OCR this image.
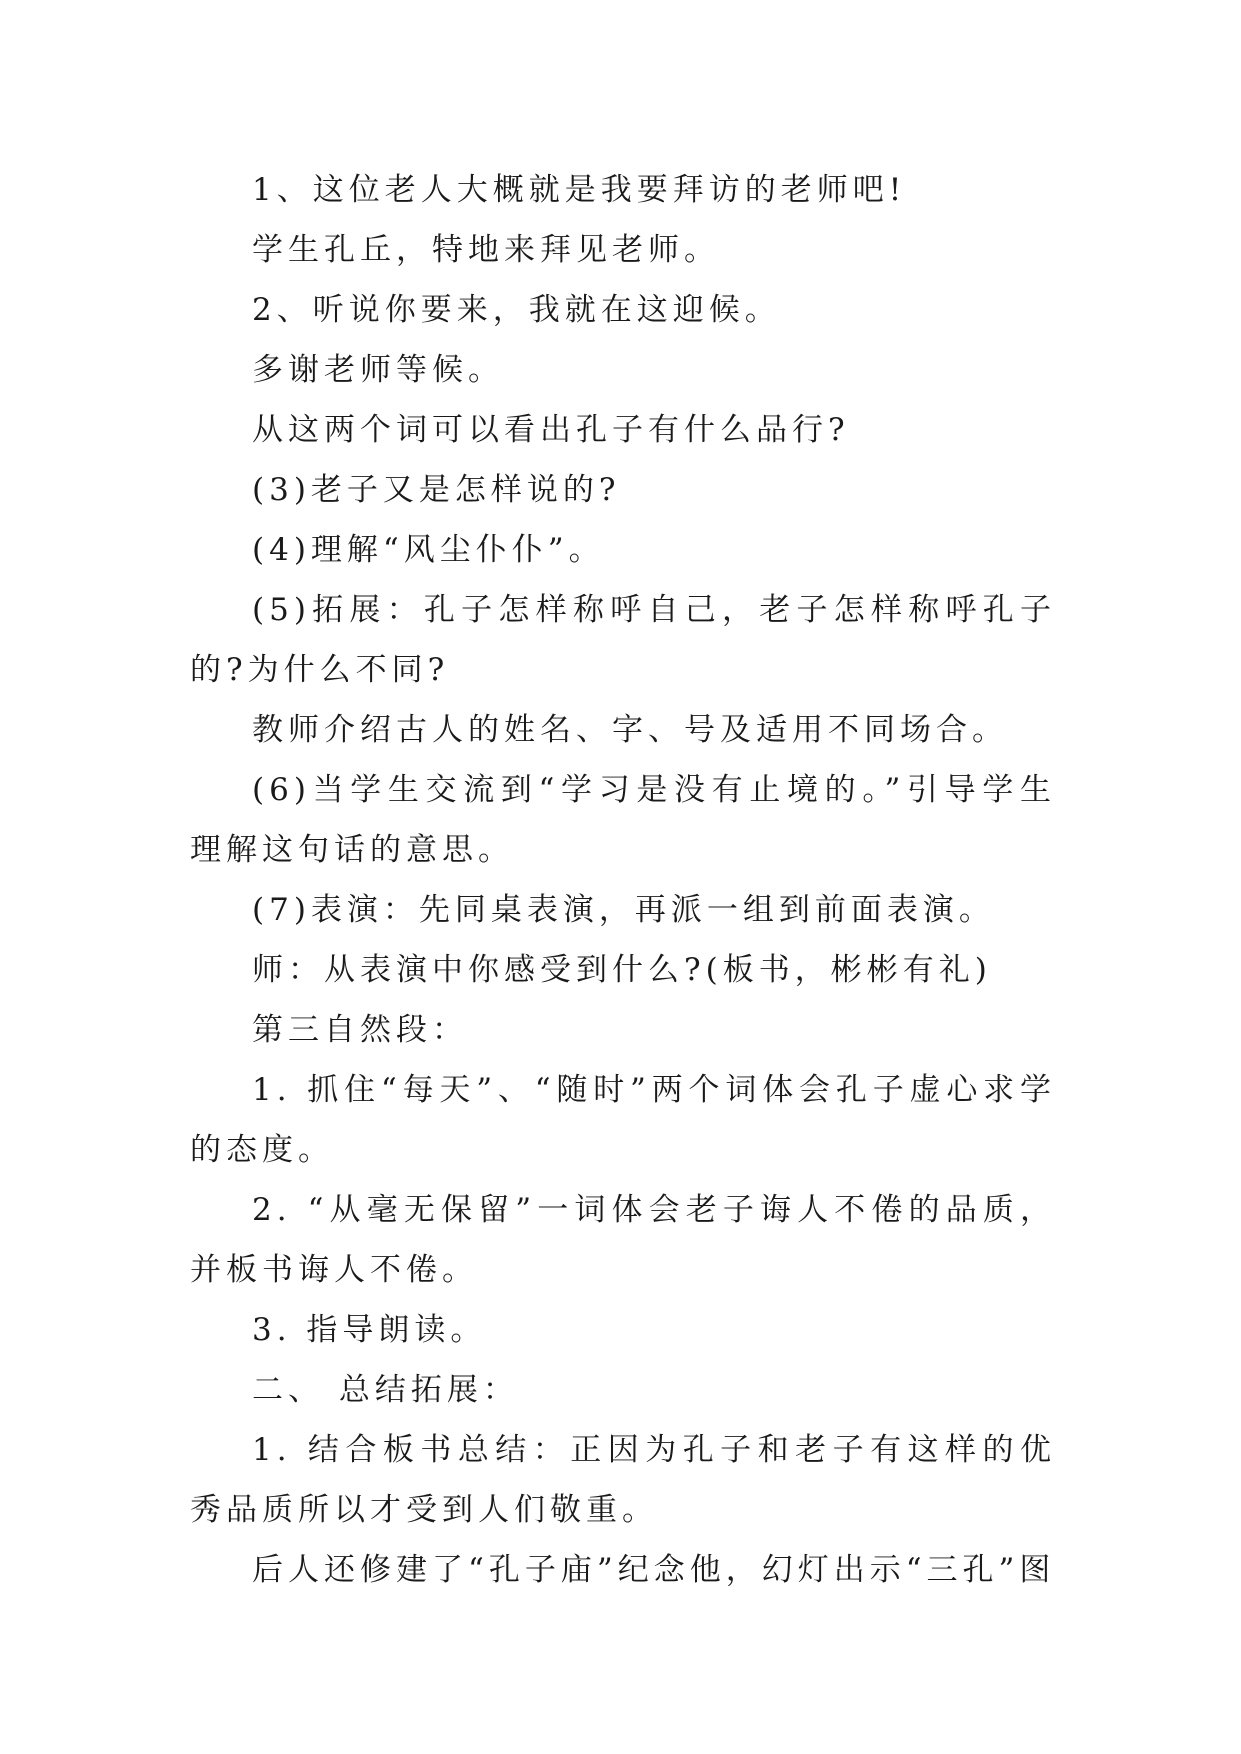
1、这位老人大概就是我要拜访的老师吧!

学生孔丘，特地来拜见老师。

2、听说你要来，我就在这迎候。

多谢老师等候。

从这两个词可以看出孔子有什么品行?

(3)老子又是怎样说的?

(4)理解“风尘仆仆”。

(5)拓展：孔子怎样称呼自己，老子怎样称呼孔子的?为什么不同?

教师介绍古人的姓名、字、号及适用不同场合。

(6)当学生交流到“学习是没有止境的。”引导学生理解这句话的意思。

(7)表演：先同桌表演，再派一组到前面表演。

师：从表演中你感受到什么?(板书，彬彬有礼)

第三自然段：

1. 抓住“每天”、“随时”两个词体会孔子虚心求学的态度。

2. “从毫无保留”一词体会老子诲人不倦的品质，并板书诲人不倦。

3. 指导朗读。

二、 总结拓展：

1. 结合板书总结：正因为孔子和老子有这样的优秀品质所以才受到人们敬重。

后人还修建了“孔子庙”纪念他，幻灯出示“三孔”图
